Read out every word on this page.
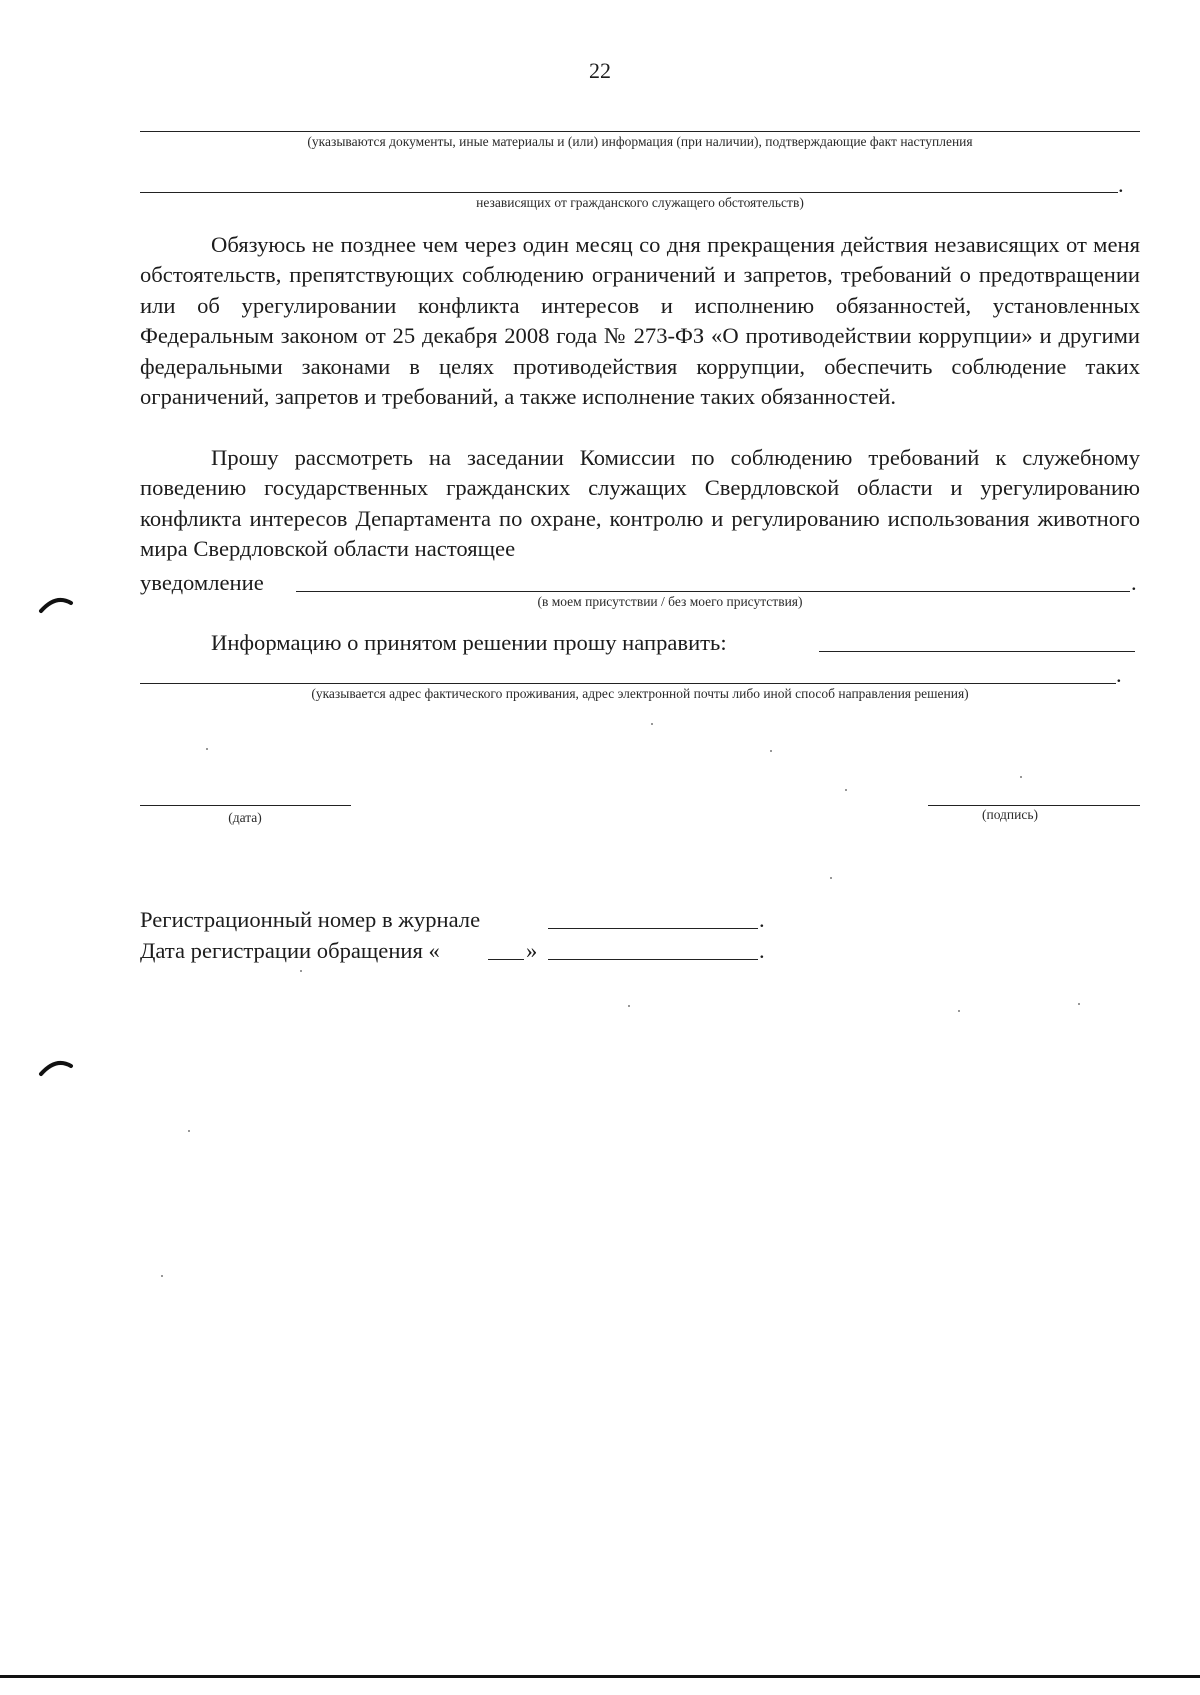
22
(указываются документы, иные материалы и (или) информация (при наличии), подтверждающие факт наступления
.
независящих от гражданского служащего обстоятельств)

Обязуюсь не позднее чем через один месяц со дня прекращения действия независящих от меня обстоятельств, препятствующих соблюдению ограничений и запретов, требований о предотвращении или об урегулировании конфликта интересов и исполнению обязанностей, установленных Федеральным законом от 25 декабря 2008 года № 273-ФЗ «О противодействии коррупции» и другими федеральными законами в целях противодействия коррупции, обеспечить соблюдение таких ограничений, запретов и требований, а также исполнение таких обязанностей.

Прошу рассмотреть на заседании Комиссии по соблюдению требований к служебному поведению государственных гражданских служащих Свердловской области и урегулированию конфликта интересов Департамента по охране, контролю и регулированию использования животного мира Свердловской области настоящее

уведомление	.
(в моем присутствии / без моего присутствия)
Информацию о принятом решении прошу направить:
.
(указывается адрес фактического проживания, адрес электронной почты либо иной способ направления решения)
(дата)	(подпись)
Регистрационный номер в журнале	.
Дата регистрации обращения «	»	.
